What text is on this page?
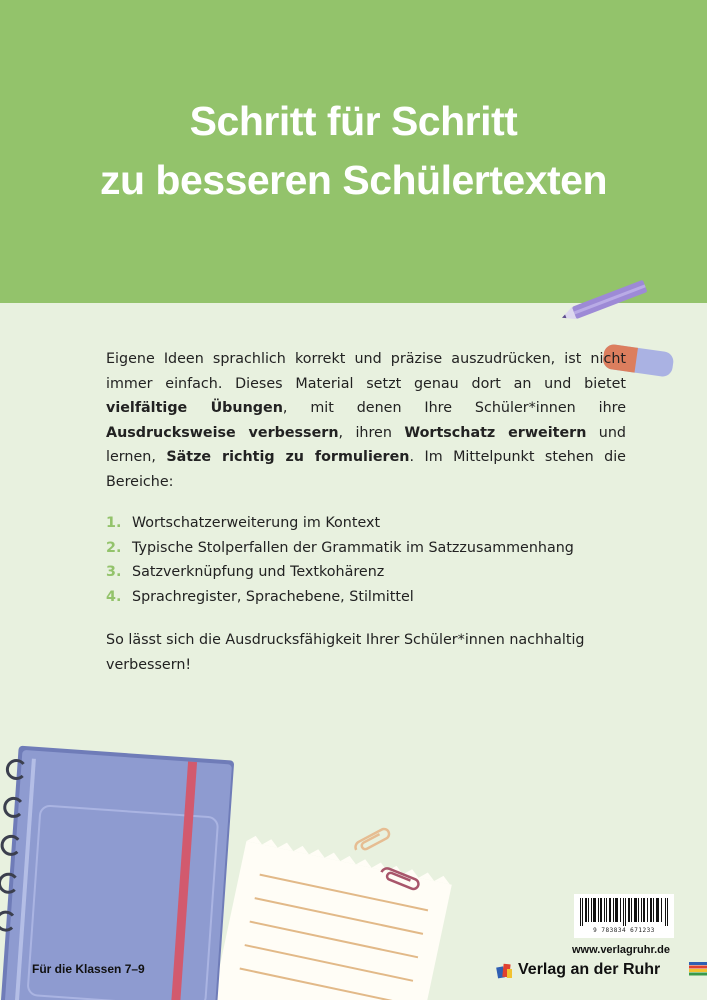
Schritt für Schritt
zu besseren Schülertexten

Eigene Ideen sprachlich korrekt und präzise auszudrücken, ist nicht immer einfach. Dieses Material setzt genau dort an und bietet vielfältige Übungen, mit denen Ihre Schüler*innen ihre Ausdrucksweise verbessern, ihren Wortschatz erweitern und lernen, Sätze richtig zu formulieren. Im Mittelpunkt stehen die Bereiche:

1. Wortschatzerweiterung im Kontext
2. Typische Stolperfallen der Grammatik im Satzzusammenhang
3. Satzverknüpfung und Textkohärenz
4. Sprachregister, Sprachebene, Stilmittel

So lässt sich die Ausdrucksfähigkeit Ihrer Schüler*innen nachhaltig verbessern!

Für die Klassen 7–9
9 783834 671233
www.verlagruhr.de
Verlag an der Ruhr
